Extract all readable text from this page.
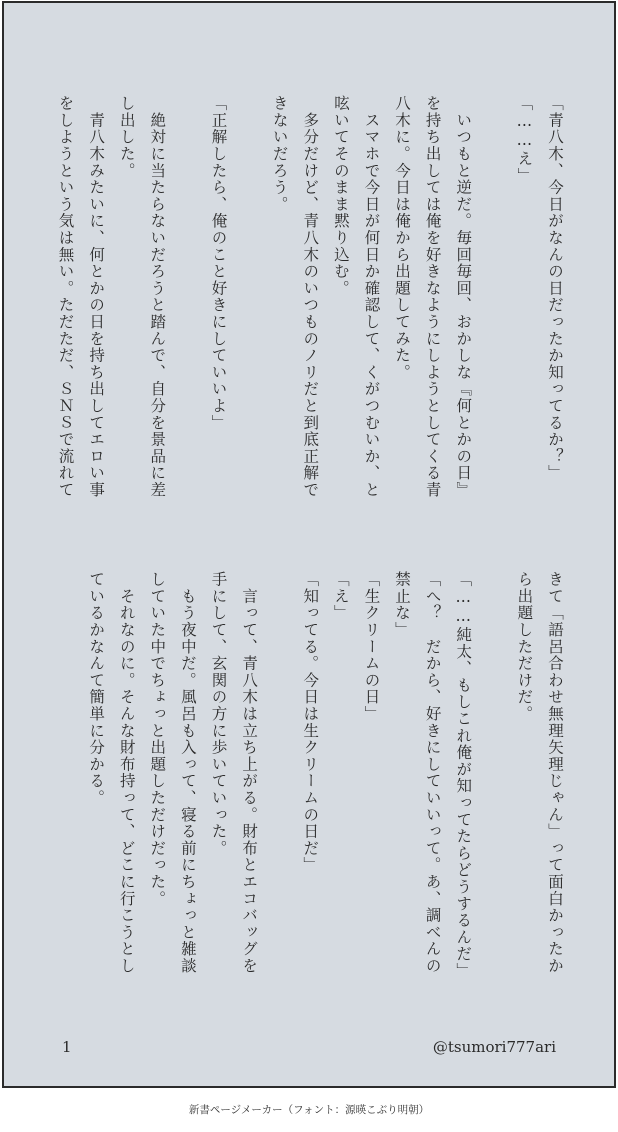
「青八木、今日がなんの日だったか知ってるか？」

「……え」

　いつもと逆だ。毎回毎回、おかしな『何とかの日』

を持ち出しては俺を好きなようにしようとしてくる青

八木に。今日は俺から出題してみた。

　スマホで今日が何日か確認して、くがつむいか、と

呟いてそのまま黙り込む。

　多分だけど、青八木のいつものノリだと到底正解で

きないだろう。

「正解したら、俺のこと好きにしていいよ」

　絶対に当たらないだろうと踏んで、自分を景品に差

し出した。

　青八木みたいに、何とかの日を持ち出してエロい事

をしようという気は無い。ただただ、ＳＮＳで流れて

きて「語呂合わせ無理矢理じゃん」って面白かったか

ら出題しただけだ。

「……純太、もしこれ俺が知ってたらどうするんだ」

「へ？　だから、好きにしていいって。あ、調べんの

禁止な」

「生クリームの日」

「え」

「知ってる。今日は生クリームの日だ」

　言って、青八木は立ち上がる。財布とエコバッグを

手にして、玄関の方に歩いていった。

　もう夜中だ。風呂も入って、寝る前にちょっと雑談

していた中でちょっと出題しただけだった。

　それなのに。そんな財布持って、どこに行こうとし

ているかなんて簡単に分かる。

1	@tsumori777ari
新書ページメーカー（フォント：源暎こぶり明朝）
